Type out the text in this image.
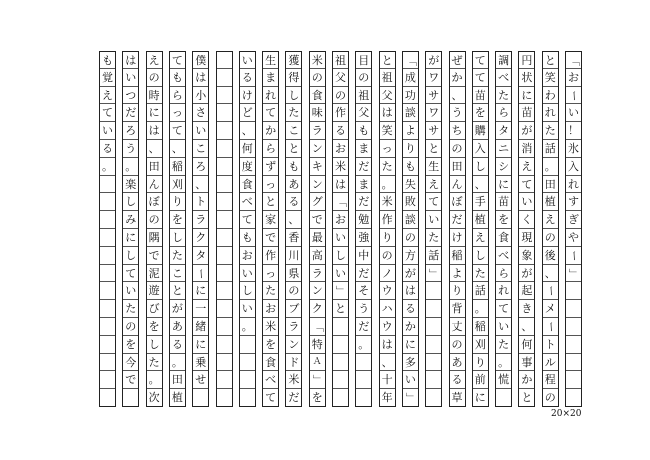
「
お
ー
い
！
氷
入
れ
す
ぎ
や
ー
」
と
笑
わ
れ
た
話
。
田
植
え
の
後
、
ー
メ
ー
ト
ル
程
の
円
状
に
苗
が
消
え
て
い
く
現
象
が
起
き
、
何
事
か
と
調
べ
た
ら
タ
ニ
シ
に
苗
を
食
べ
ら
れ
て
い
た
。
慌
て
て
苗
を
購
入
し
、
手
植
え
し
た
話
。
稲
刈
り
前
に
ぜ
か
、
う
ち
の
田
ん
ぼ
だ
け
稲
よ
り
背
丈
の
あ
る
草
が
ワ
サ
ワ
サ
と
生
え
て
い
た
話
」
「
成
功
談
よ
り
も
失
敗
談
の
方
が
は
る
か
に
多
い
」
と
祖
父
は
笑
っ
た
。
米
作
り
の
ノ
ウ
ハ
ウ
は
、
十
年
目
の
祖
父
も
ま
だ
ま
だ
勉
強
中
だ
そ
う
だ
。
祖
父
の
作
る
お
米
は
「
お
い
し
い
」
と
米
の
食
味
ラ
ン
キ
ン
グ
で
最
高
ラ
ン
ク
「
特
Ａ
」
を
獲
得
し
た
こ
と
も
あ
る
、
香
川
県
の
ブ
ラ
ン
ド
米
だ
生
ま
れ
て
か
ら
ず
っ
と
家
で
作
っ
た
お
米
を
食
べ
て
い
る
け
ど
、
何
度
食
べ
て
も
お
い
し
い
。
僕
は
小
さ
い
こ
ろ
、
ト
ラ
ク
タ
ー
に
一
緒
に
乗
せ
て
も
ら
っ
て
、
稲
刈
り
を
し
た
こ
と
が
あ
る
。
田
植
え
の
時
に
は
、
田
ん
ぼ
の
隅
で
泥
遊
び
を
し
た
。
次
は
い
つ
だ
ろ
う
。
楽
し
み
に
し
て
い
た
の
を
今
で
も
覚
え
て
い
る
。
20×20
